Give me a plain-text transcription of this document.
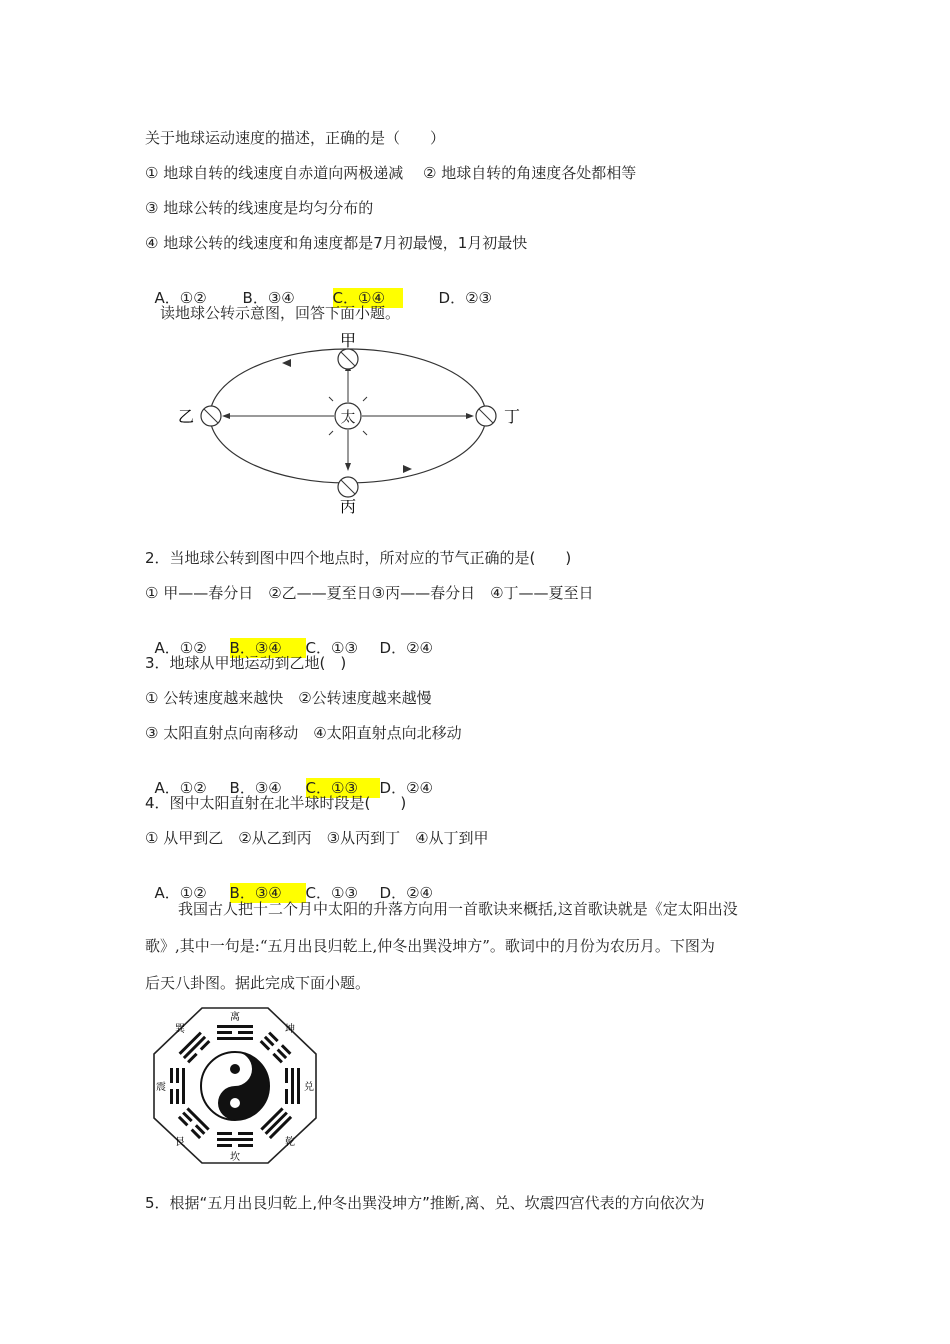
关于地球运动速度的描述，正确的是（　　）
① 地球自转的线速度自赤道向两极递减　 ② 地球自转的角速度各处都相等
③ 地球公转的线速度是均匀分布的
④ 地球公转的线速度和角速度都是7月初最慢，1月初最快

A．①② B．③④	C．①④	D．②③

读地球公转示意图，回答下面小题。
太
甲
丙
乙	丁
2．当地球公转到图中四个地点时，所对应的节气正确的是(　　)
① 甲——春分日　②乙——夏至日③丙——春分日　④丁——夏至日

A．①② B．③④ C．①③ D．②④

3．地球从甲地运动到乙地(　)
① 公转速度越来越快　②公转速度越来越慢
③ 太阳直射点向南移动　④太阳直射点向北移动

A．①② B．③④ C．①③ D．②④

4．图中太阳直射在北半球时段是(　　)
① 从甲到乙　②从乙到丙　③从丙到丁　④从丁到甲

A．①② B．③④ C．①③ D．②④

我国古人把十二个月中太阳的升落方向用一首歌诀来概括,这首歌诀就是《定太阳出没
歌》,其中一句是:“五月出艮归乾上,仲冬出巽没坤方”。歌词中的月份为农历月。下图为
后天八卦图。据此完成下面小题。
离
坎
震	兑
巽	坤
艮	乾
5．根据“五月出艮归乾上,仲冬出巽没坤方”推断,离、兑、坎震四宫代表的方向依次为
